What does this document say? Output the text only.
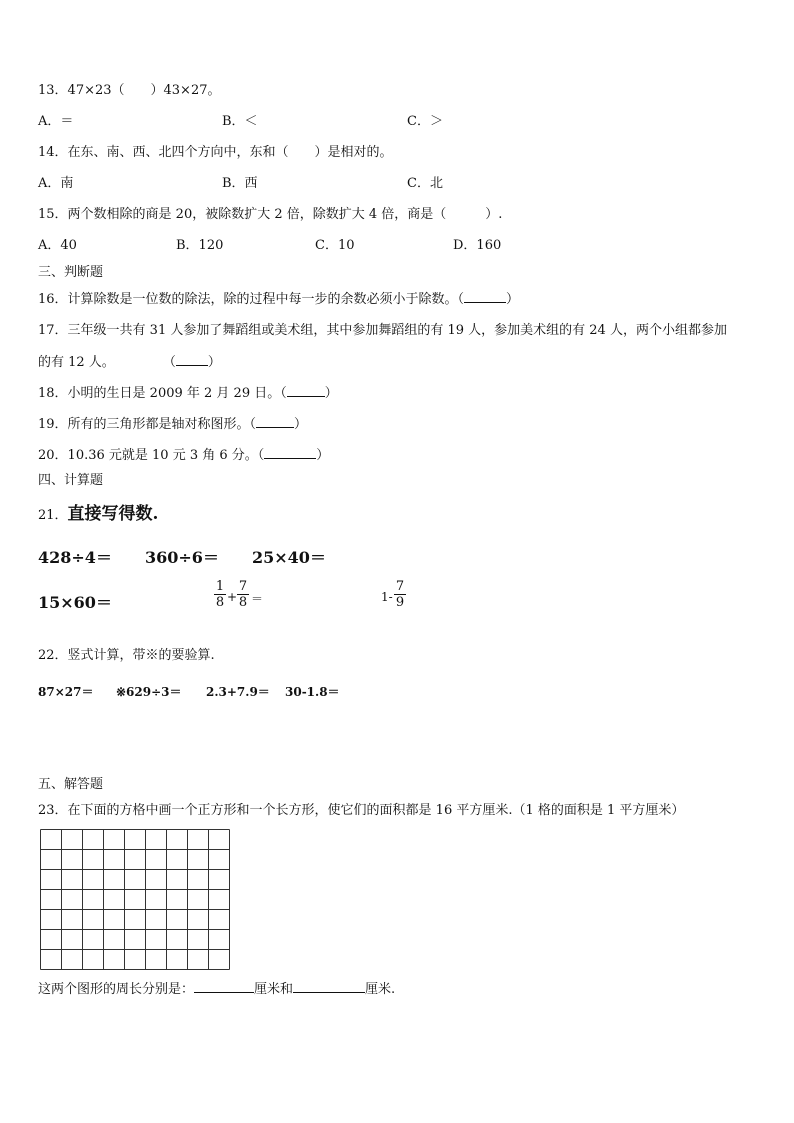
13．47×23（　　）43×27。
A．＝	B．＜	C．＞
14．在东、南、西、北四个方向中，东和（　　）是相对的。
A．南	B．西	C．北
15．两个数相除的商是 20，被除数扩大 2 倍，除数扩大 4 倍，商是（　　　）.
A．40	B．120	C．10	D．160
三、判断题
16．计算除数是一位数的除法，除的过程中每一步的余数必须小于除数。（	）
17．三年级一共有 31 人参加了舞蹈组或美术组，其中参加舞蹈组的有 19 人，参加美术组的有 24 人，两个小组都参加
的有 12 人。	（ ）
18．小明的生日是 2009 年 2 月 29 日。（	）
19．所有的三角形都是轴对称图形。（	）
20．10.36 元就是 10 元 3 角 6 分。（	）
四、计算题
21．直接写得数.
428÷4＝ 360÷6＝ 25×40＝
15×60＝
1
8 +
7
8 ＝	1-
7
9
22．竖式计算，带※的要验算.
87×27＝ ※629÷3＝ 2.3+7.9＝ 30-1.8＝
五、解答题
23．在下面的方格中画一个正方形和一个长方形，使它们的面积都是 16 平方厘米.（1 格的面积是 1 平方厘米）
这两个图形的周长分别是：	厘米和	厘米.
